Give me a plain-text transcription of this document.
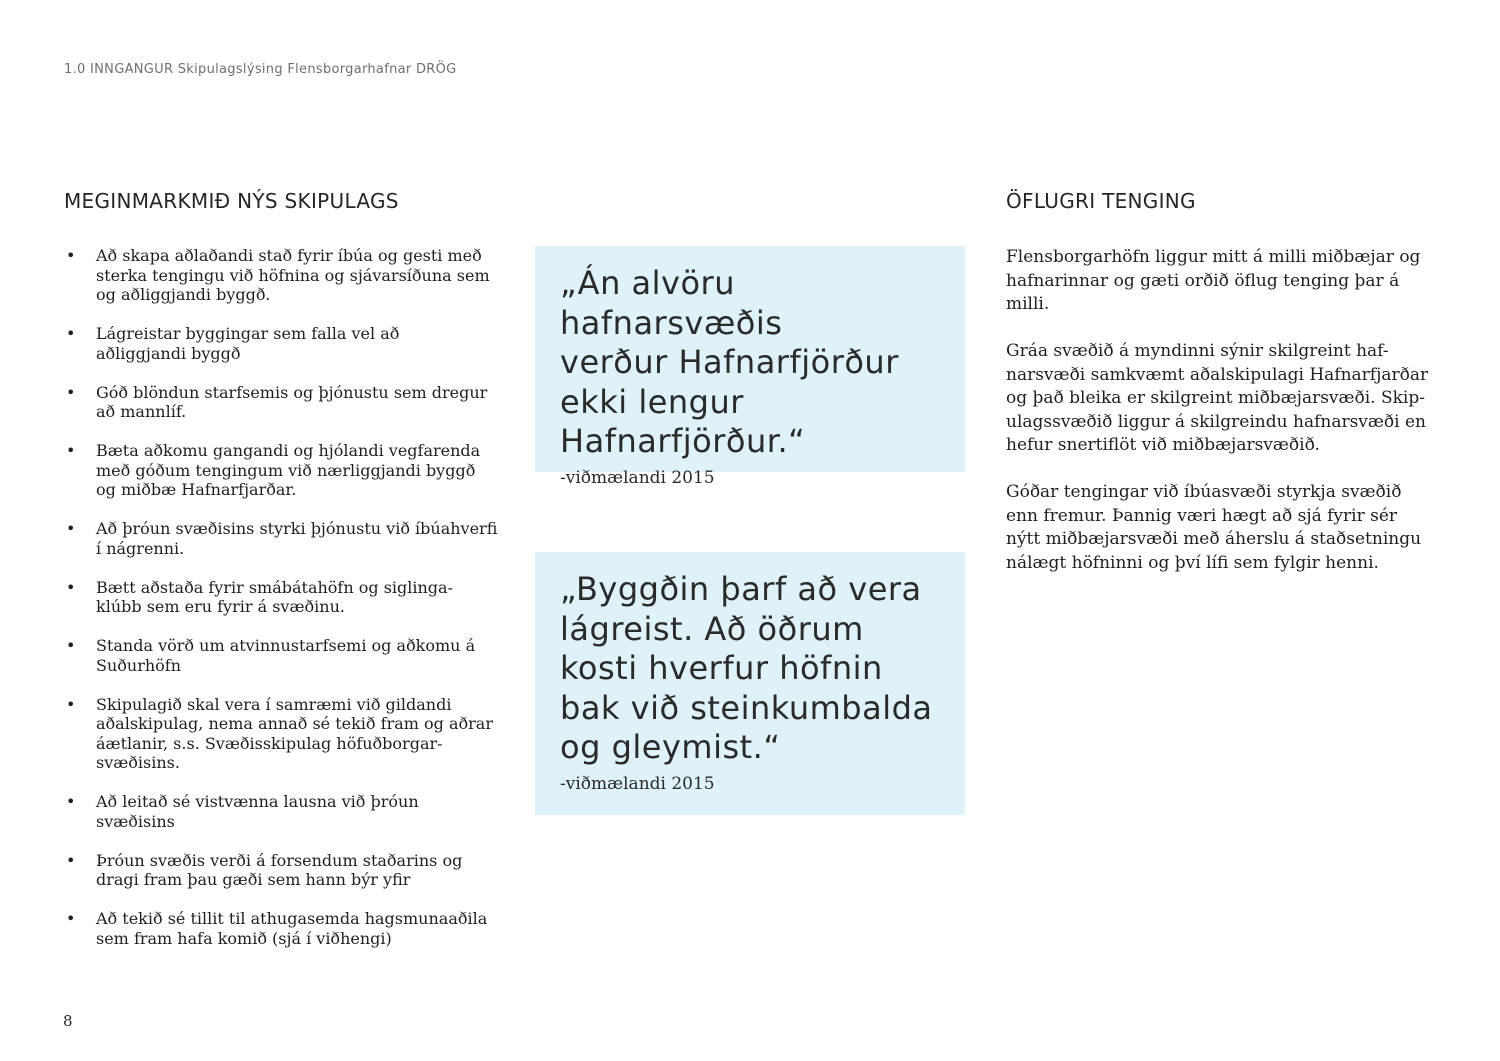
1.0 INNGANGUR Skipulagslýsing Flensborgarhafnar DRÖG
MEGINMARKMIÐ NÝS SKIPULAGS
• Að skapa aðlaðandi stað fyrir íbúa og gesti með
sterka tengingu við höfnina og sjávarsíðuna sem
og aðliggjandi byggð.
• Lágreistar byggingar sem falla vel að
aðliggjandi byggð
• Góð blöndun starfsemis og þjónustu sem dregur
að mannlíf.
• Bæta aðkomu gangandi og hjólandi vegfarenda
með góðum tengingum við nærliggjandi byggð
og miðbæ Hafnarfjarðar.
• Að þróun svæðisins styrki þjónustu við íbúahverfi
í nágrenni.
• Bætt aðstaða fyrir smábátahöfn og siglinga-
klúbb sem eru fyrir á svæðinu.
• Standa vörð um atvinnustarfsemi og aðkomu á
Suðurhöfn
• Skipulagið skal vera í samræmi við gildandi
aðalskipulag, nema annað sé tekið fram og aðrar
áætlanir, s.s. Svæðisskipulag höfuðborgar-
svæðisins.
• Að leitað sé vistvænna lausna við þróun
svæðisins
• Þróun svæðis verði á forsendum staðarins og
dragi fram þau gæði sem hann býr yfir
• Að tekið sé tillit til athugasemda hagsmunaaðila
sem fram hafa komið (sjá í viðhengi)

„Án alvöru hafnarsvæðis
verður Hafnarfjörður
ekki lengur
Hafnarfjörður.“

-viðmælandi 2015

„Byggðin þarf að vera
lágreist. Að öðrum
kosti hverfur höfnin
bak við steinkumbalda
og gleymist.“

-viðmælandi 2015

ÖFLUGRI TENGING

Flensborgarhöfn liggur mitt á milli miðbæjar og
hafnarinnar og gæti orðið öflug tenging þar á
milli.

Gráa svæðið á myndinni sýnir skilgreint haf-
narsvæði samkvæmt aðalskipulagi Hafnarfjarðar
og það bleika er skilgreint miðbæjarsvæði. Skip-
ulagssvæðið liggur á skilgreindu hafnarsvæði en
hefur snertiflöt við miðbæjarsvæðið.

Góðar tengingar við íbúasvæði styrkja svæðið
enn fremur. Þannig væri hægt að sjá fyrir sér
nýtt miðbæjarsvæði með áherslu á staðsetningu
nálægt höfninni og því lífi sem fylgir henni.

8
